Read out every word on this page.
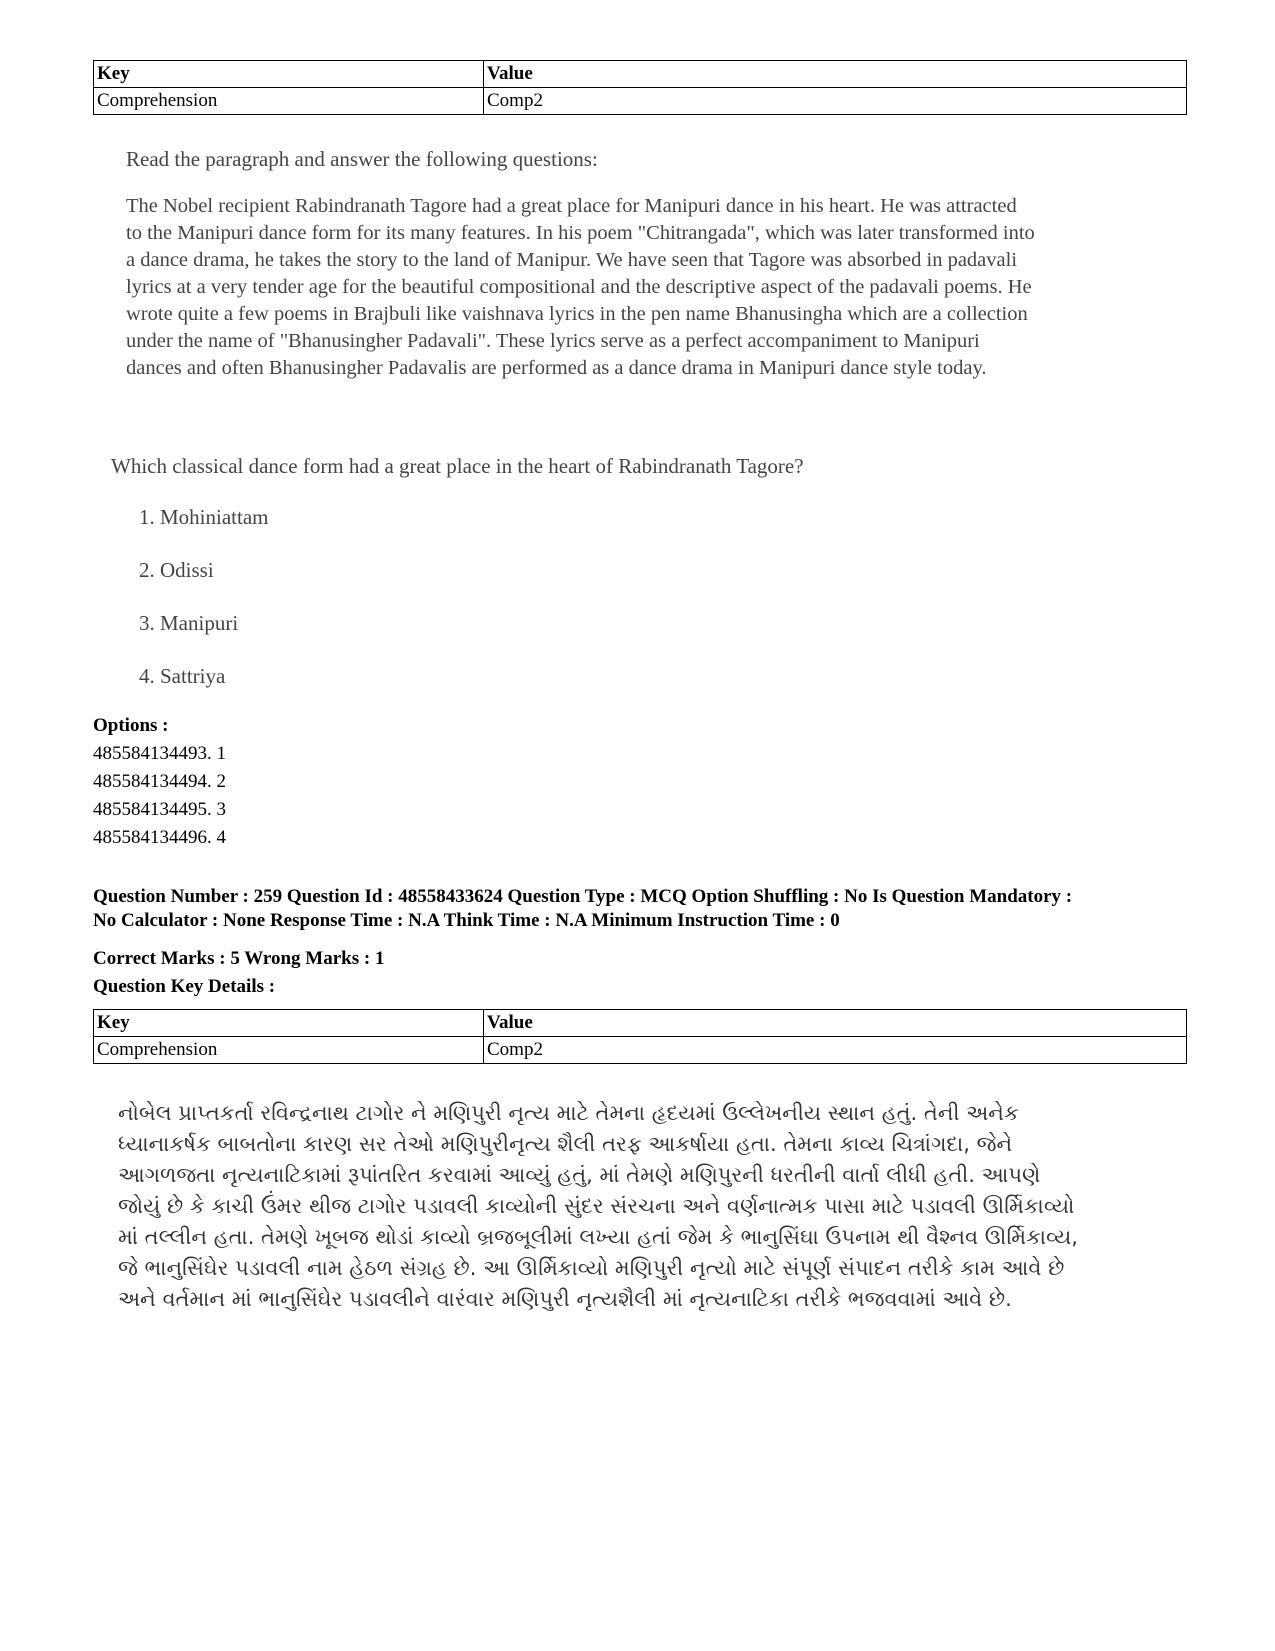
Key	Value
Comprehension	Comp2
Read the paragraph and answer the following questions:
The Nobel recipient Rabindranath Tagore had a great place for Manipuri dance in his heart. He was attracted
to the Manipuri dance form for its many features. In his poem "Chitrangada", which was later transformed into
a dance drama, he takes the story to the land of Manipur. We have seen that Tagore was absorbed in padavali
lyrics at a very tender age for the beautiful compositional and the descriptive aspect of the padavali poems. He
wrote quite a few poems in Brajbuli like vaishnava lyrics in the pen name Bhanusingha which are a collection
under the name of "Bhanusingher Padavali". These lyrics serve as a perfect accompaniment to Manipuri
dances and often Bhanusingher Padavalis are performed as a dance drama in Manipuri dance style today.
Which classical dance form had a great place in the heart of Rabindranath Tagore?
1. Mohiniattam
2. Odissi
3. Manipuri
4. Sattriya
Options :
485584134493. 1
485584134494. 2
485584134495. 3
485584134496. 4
Question Number : 259 Question Id : 48558433624 Question Type : MCQ Option Shuffling : No Is Question Mandatory :
No Calculator : None Response Time : N.A Think Time : N.A Minimum Instruction Time : 0
Correct Marks : 5 Wrong Marks : 1
Question Key Details :
Key	Value
Comprehension	Comp2
નોબેલ પ્રાપ્તકર્તા રવિન્દ્રનાથ ટાગોર ને મણિપુરી નૃત્ય માટે તેમના હૃદયમાં ઉલ્લેખનીય સ્થાન હતું. તેની અનેક
ધ્યાનાકર્ષક બાબતોના કારણ સર તેઓ મણિપુરીનૃત્ય શૈલી તરફ આકર્ષાયા હતા. તેમના કાવ્ય ચિત્રાંગદા, જેને
આગળજતા નૃત્યનાટિકામાં રૂપાંતરિત કરવામાં આવ્યું હતું, માં તેમણે મણિપુરની ધરતીની વાર્તા લીધી હતી. આપણે
જોયું છે કે કાચી ઉંમર થીજ ટાગોર પડાવલી કાવ્યોની સુંદર સંરચના અને વર્ણનાત્મક પાસા માટે પડાવલી ઊર્મિકાવ્યો
માં તલ્લીન હતા. તેમણે ખૂબજ થોડાં કાવ્યો બ્રજબૂલીમાં લખ્યા હતાં જેમ કે ભાનુસિંઘા ઉપનામ થી વૈશ્નવ ઊર્મિકાવ્ય,
જે ભાનુસિંઘેર પડાવલી નામ હેઠળ સંગ્રહ છે. આ ઊર્મિકાવ્યો મણિપુરી નૃત્યો માટે સંપૂર્ણ સંપાદન તરીકે કામ આવે છે
અને વર્તમાન માં ભાનુસિંઘેર પડાવલીને વારંવાર મણિપુરી નૃત્યશૈલી માં નૃત્યનાટિકા તરીકે ભજવવામાં આવે છે.
